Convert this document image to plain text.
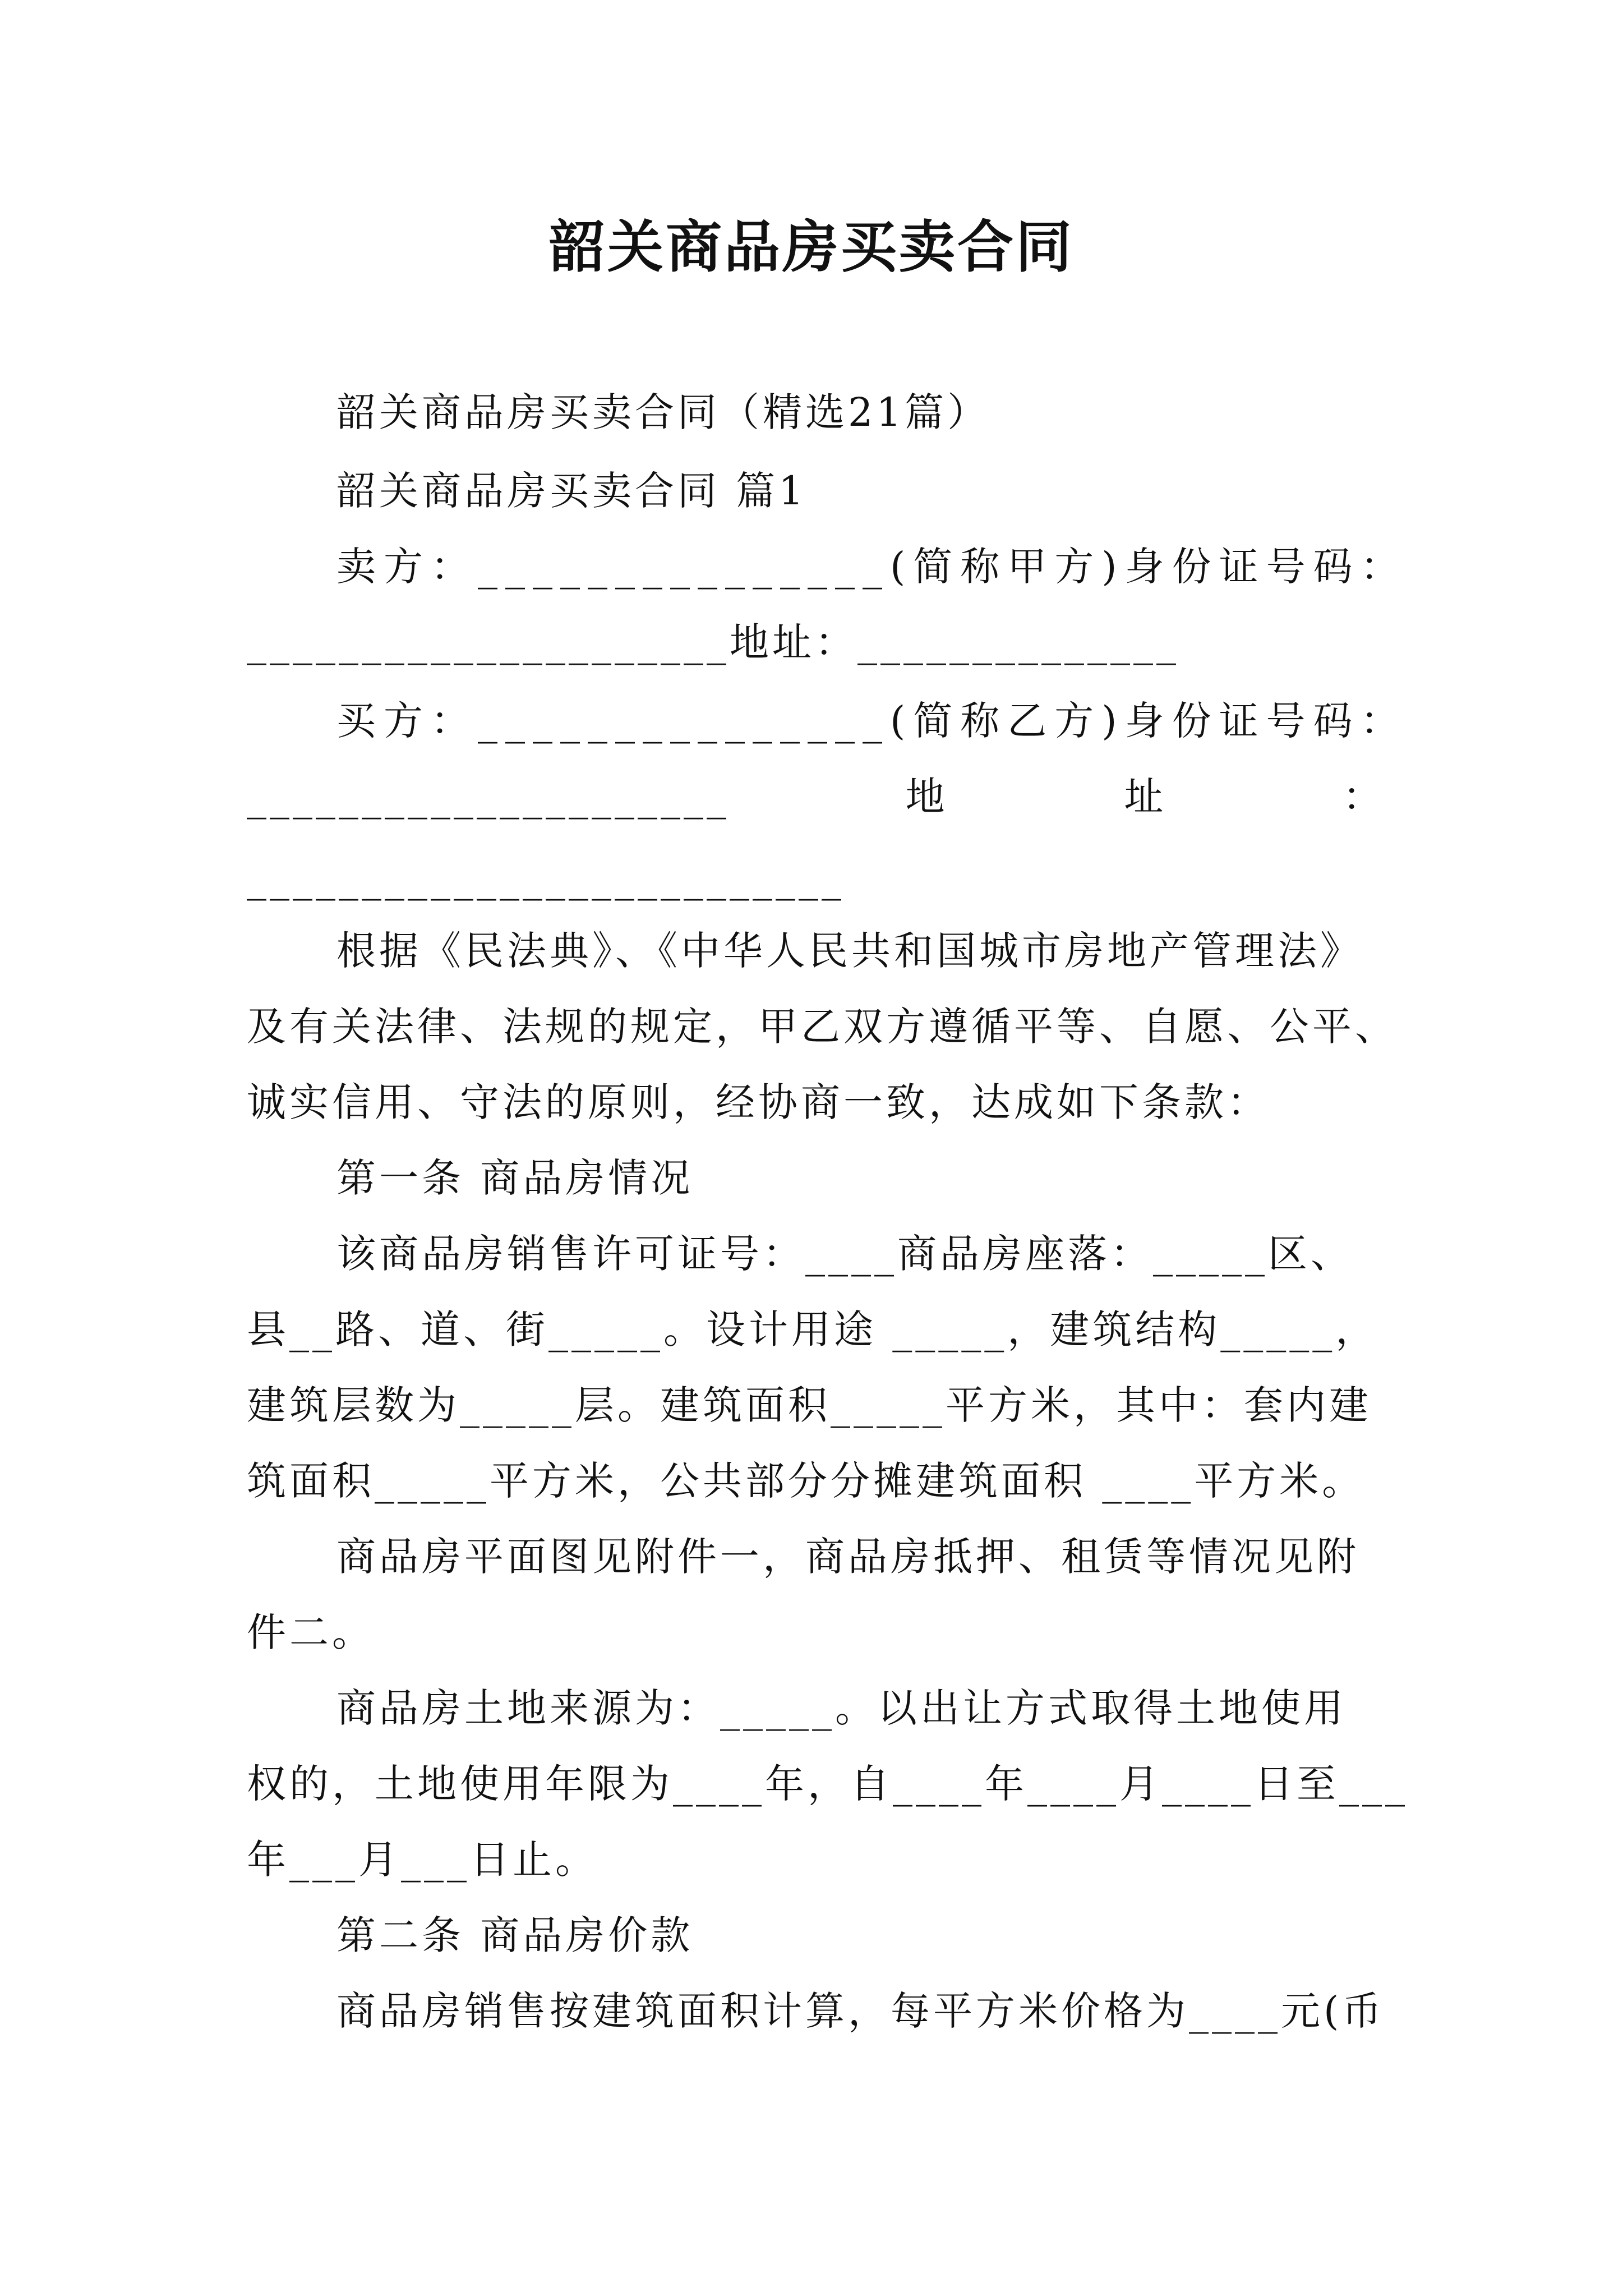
韶关商品房买卖合同
韶关商品房买卖合同（精选21篇）
韶关商品房买卖合同 篇1
卖方：_______________(简称甲方)身份证号码：
_____________________地址：______________
买方：_______________(简称乙方)身份证号码：
_____________________	地	址	：
__________________________
根据《民法典》、《中华人民共和国城市房地产管理法》
及有关法律、法规的规定，甲乙双方遵循平等、自愿、公平、
诚实信用、守法的原则，经协商一致，达成如下条款：
第一条 商品房情况
该商品房销售许可证号：____商品房座落：_____区、
县__路、道、街_____。设计用途 _____，建筑结构_____，
建筑层数为_____层。建筑面积_____平方米，其中：套内建
筑面积_____平方米，公共部分分摊建筑面积 ____平方米。
商品房平面图见附件一，商品房抵押、租赁等情况见附
件二。
商品房土地来源为：_____。以出让方式取得土地使用
权的，土地使用年限为____年，自____年____月____日至___
年___月___日止。
第二条 商品房价款
商品房销售按建筑面积计算，每平方米价格为____元(币
